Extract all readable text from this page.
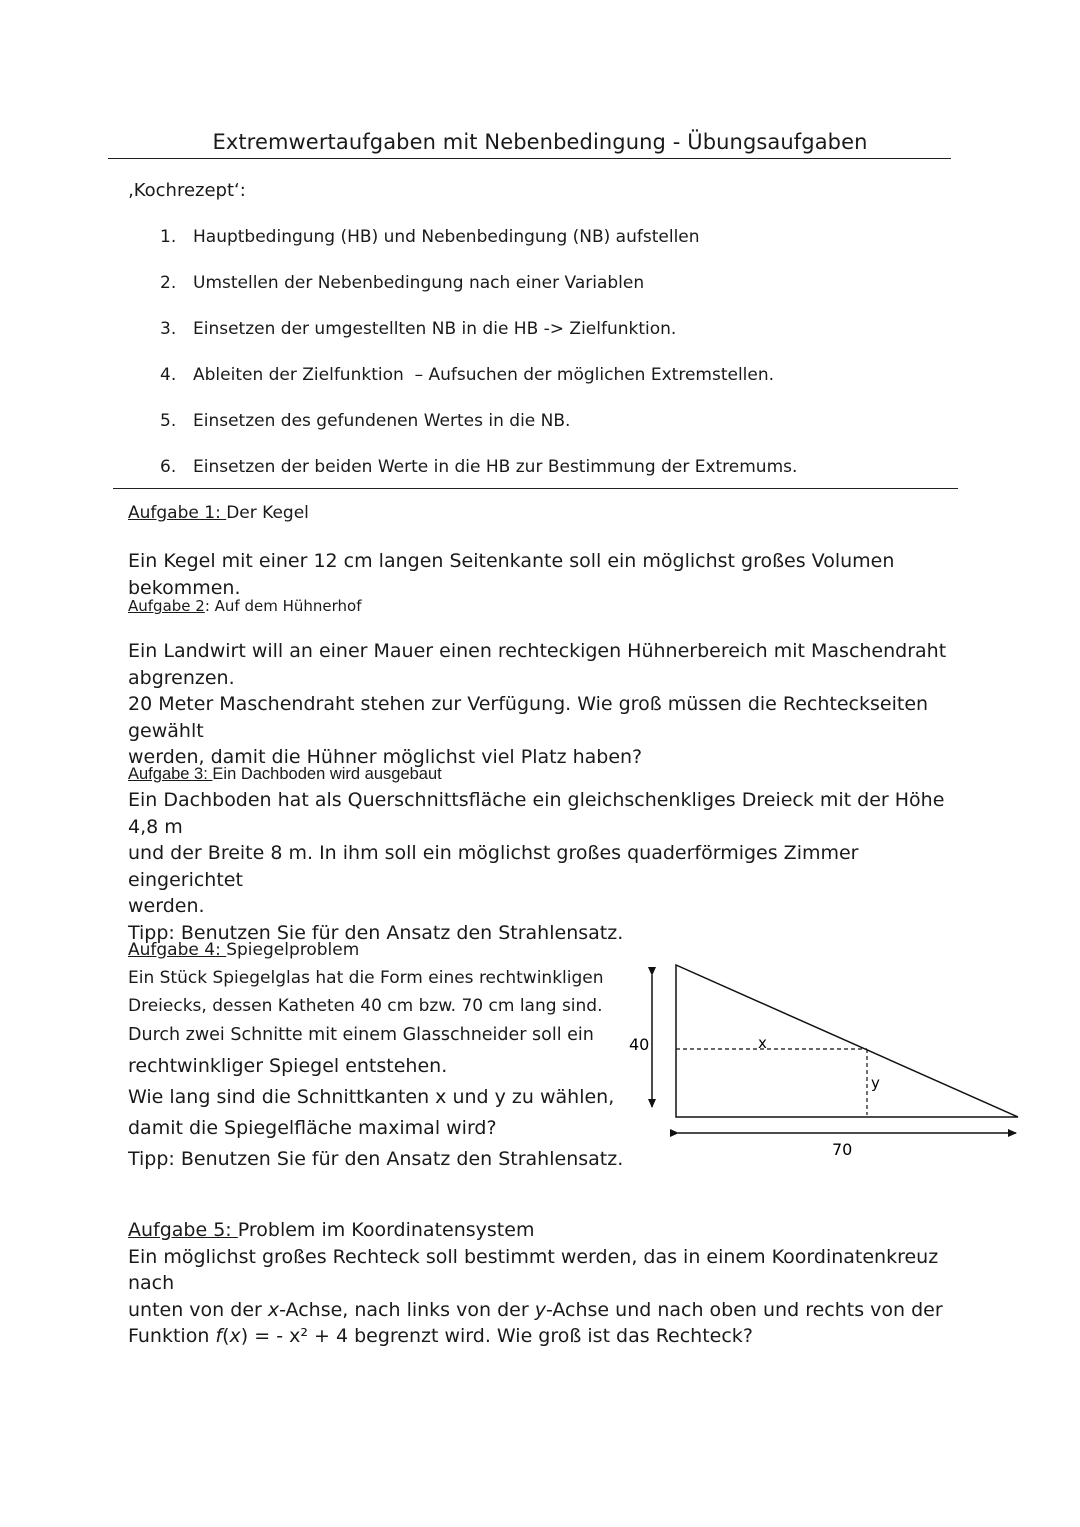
Extremwertaufgaben mit Nebenbedingung - Übungsaufgaben
‚Kochrezept‘:
1. Hauptbedingung (HB) und Nebenbedingung (NB) aufstellen
2. Umstellen der Nebenbedingung nach einer Variablen
3. Einsetzen der umgestellten NB in die HB -> Zielfunktion.
4. Ableiten der Zielfunktion  – Aufsuchen der möglichen Extremstellen.
5. Einsetzen des gefundenen Wertes in die NB.
6. Einsetzen der beiden Werte in die HB zur Bestimmung der Extremums.
Aufgabe 1: Der Kegel
Ein Kegel mit einer 12 cm langen Seitenkante soll ein möglichst großes Volumen bekommen.
Aufgabe 2: Auf dem Hühnerhof
Ein Landwirt will an einer Mauer einen rechteckigen Hühnerbereich mit Maschendraht
abgrenzen.
20 Meter Maschendraht stehen zur Verfügung. Wie groß müssen die Rechteckseiten gewählt
werden, damit die Hühner möglichst viel Platz haben?
Aufgabe 3: Ein Dachboden wird ausgebaut
Ein Dachboden hat als Querschnittsfläche ein gleichschenkliges Dreieck mit der Höhe 4,8 m
und der Breite 8 m. In ihm soll ein möglichst großes quaderförmiges Zimmer eingerichtet
werden.
Tipp: Benutzen Sie für den Ansatz den Strahlensatz.
Aufgabe 4: Spiegelproblem
Ein Stück Spiegelglas hat die Form eines rechtwinkligen
Dreiecks, dessen Katheten 40 cm bzw. 70 cm lang sind.
Durch zwei Schnitte mit einem Glasschneider soll ein
rechtwinkliger Spiegel entstehen.
Wie lang sind die Schnittkanten x und y zu wählen,
damit die Spiegelfläche maximal wird?
Tipp: Benutzen Sie für den Ansatz den Strahlensatz.
40	x
y
70
Aufgabe 5: Problem im Koordinatensystem
Ein möglichst großes Rechteck soll bestimmt werden, das in einem Koordinatenkreuz nach
unten von der x-Achse, nach links von der y-Achse und nach oben und rechts von der
Funktion f(x) = - x² + 4 begrenzt wird. Wie groß ist das Rechteck?
